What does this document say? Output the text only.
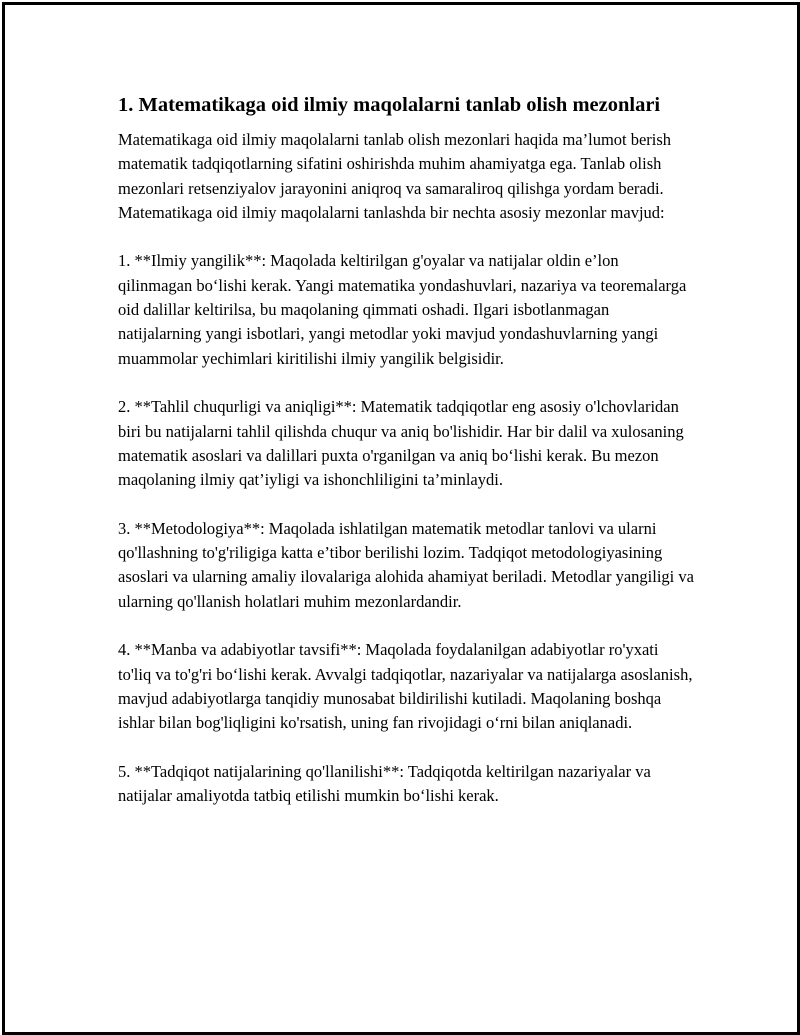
1. Matematikaga oid ilmiy maqolalarni tanlab olish mezonlari

Matematikaga oid ilmiy maqolalarni tanlab olish mezonlari haqida ma’lumot berish matematik tadqiqotlarning sifatini oshirishda muhim ahamiyatga ega. Tanlab olish mezonlari retsenziyalov jarayonini aniqroq va samaraliroq qilishga yordam beradi. Matematikaga oid ilmiy maqolalarni tanlashda bir nechta asosiy mezonlar mavjud:

1. **Ilmiy yangilik**: Maqolada keltirilgan g'oyalar va natijalar oldin e’lon qilinmagan bo‘lishi kerak. Yangi matematika yondashuvlari, nazariya va teoremalarga oid dalillar keltirilsa, bu maqolaning qimmati oshadi. Ilgari isbotlanmagan natijalarning yangi isbotlari, yangi metodlar yoki mavjud yondashuvlarning yangi muammolar yechimlari kiritilishi ilmiy yangilik belgisidir.

2. **Tahlil chuqurligi va aniqligi**: Matematik tadqiqotlar eng asosiy o'lchovlaridan biri bu natijalarni tahlil qilishda chuqur va aniq bo'lishidir. Har bir dalil va xulosaning matematik asoslari va dalillari puxta o'rganilgan va aniq bo‘lishi kerak. Bu mezon maqolaning ilmiy qat’iyligi va ishonchliligini ta’minlaydi.

3. **Metodologiya**: Maqolada ishlatilgan matematik metodlar tanlovi va ularni qo'llashning to'g'riligiga katta e’tibor berilishi lozim. Tadqiqot metodologiyasining asoslari va ularning amaliy ilovalariga alohida ahamiyat beriladi. Metodlar yangiligi va ularning qo'llanish holatlari muhim mezonlardandir.

4. **Manba va adabiyotlar tavsifi**: Maqolada foydalanilgan adabiyotlar ro'yxati to'liq va to'g'ri bo‘lishi kerak. Avvalgi tadqiqotlar, nazariyalar va natijalarga asoslanish, mavjud adabiyotlarga tanqidiy munosabat bildirilishi kutiladi. Maqolaning boshqa ishlar bilan bog'liqligini ko'rsatish, uning fan rivojidagi o‘rni bilan aniqlanadi.

5. **Tadqiqot natijalarining qo'llanilishi**: Tadqiqotda keltirilgan nazariyalar va natijalar amaliyotda tatbiq etilishi mumkin bo‘lishi kerak.
